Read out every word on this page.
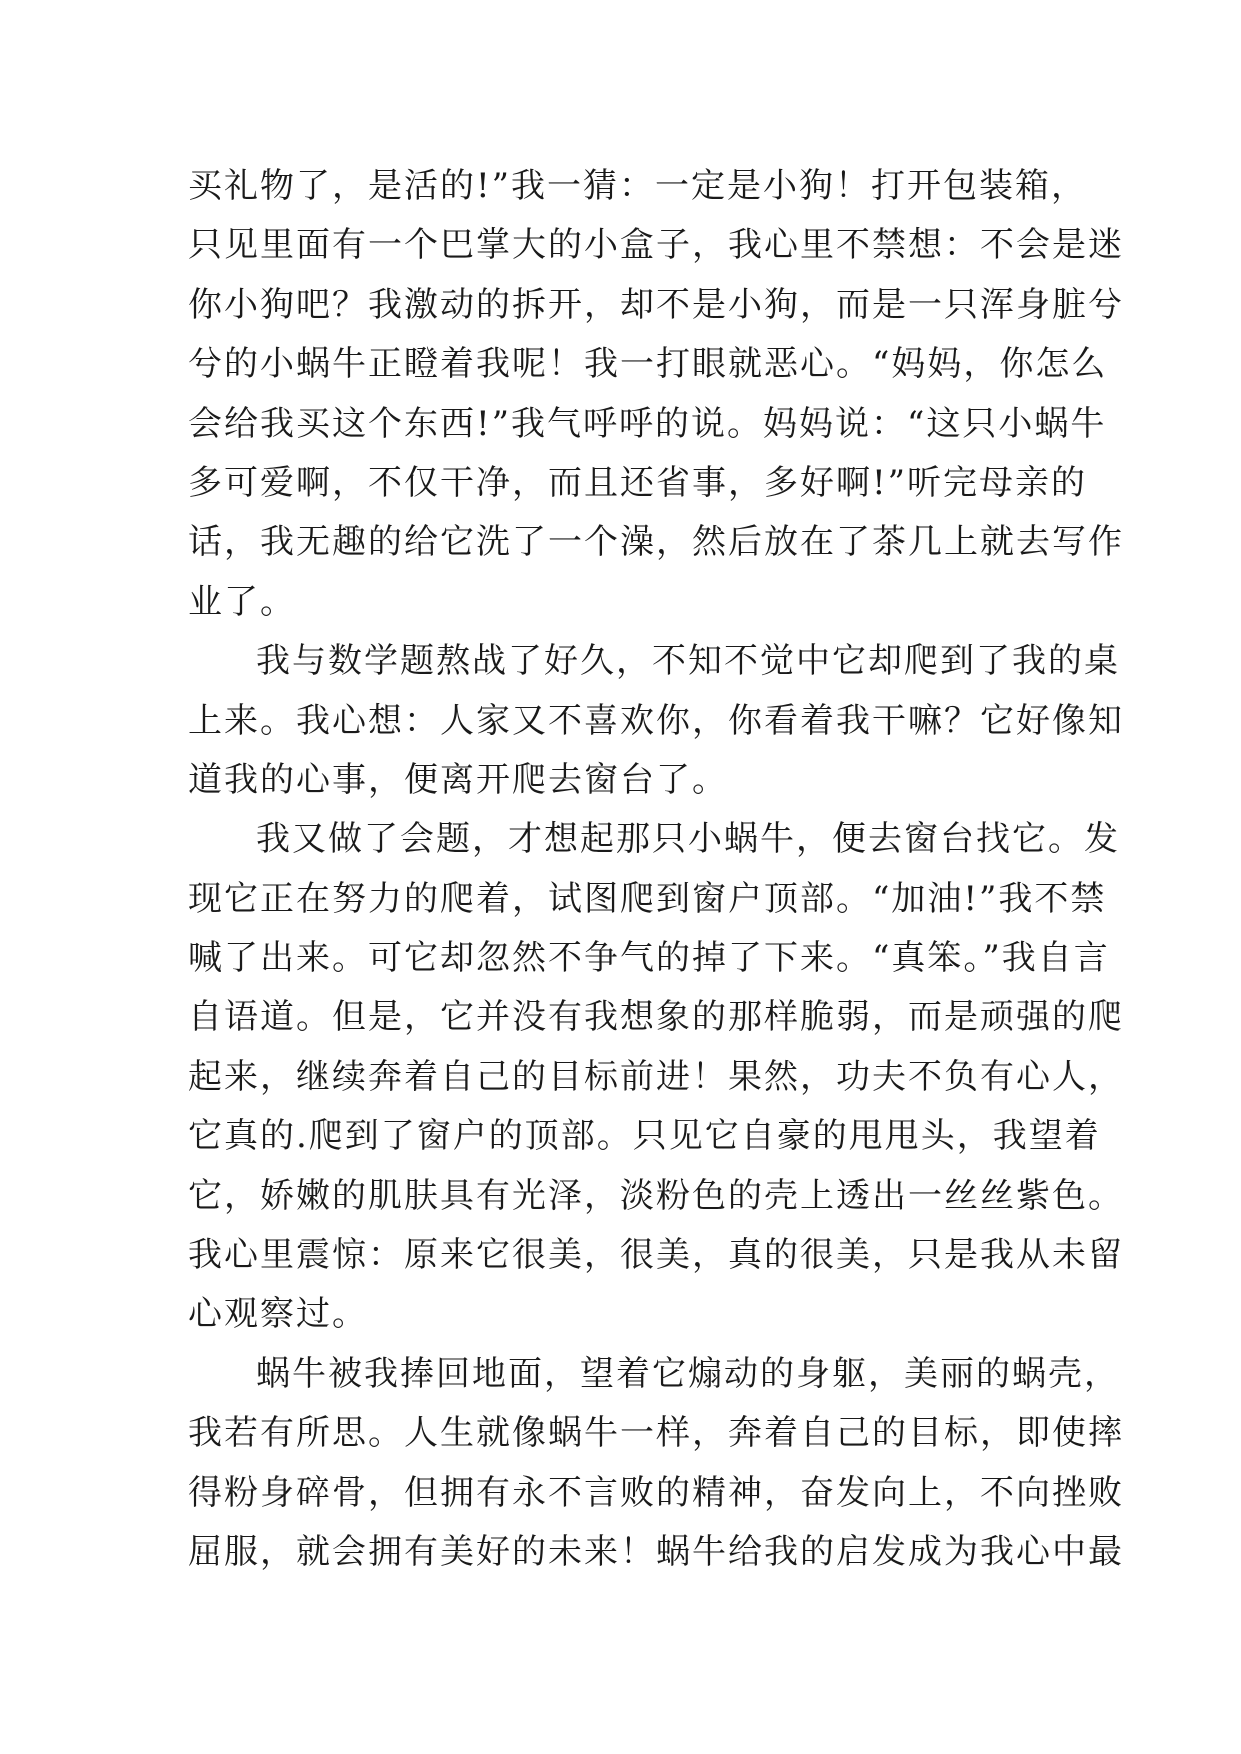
买礼物了，是活的!”我一猜：一定是小狗！打开包装箱，
只见里面有一个巴掌大的小盒子，我心里不禁想：不会是迷
你小狗吧？我激动的拆开，却不是小狗，而是一只浑身脏兮
兮的小蜗牛正瞪着我呢！我一打眼就恶心。“妈妈，你怎么
会给我买这个东西!”我气呼呼的说。妈妈说：“这只小蜗牛
多可爱啊，不仅干净，而且还省事，多好啊!”听完母亲的
话，我无趣的给它洗了一个澡，然后放在了茶几上就去写作
业了。
我与数学题熬战了好久，不知不觉中它却爬到了我的桌
上来。我心想：人家又不喜欢你，你看着我干嘛？它好像知
道我的心事，便离开爬去窗台了。
我又做了会题，才想起那只小蜗牛，便去窗台找它。发
现它正在努力的爬着，试图爬到窗户顶部。“加油!”我不禁
喊了出来。可它却忽然不争气的掉了下来。“真笨。”我自言
自语道。但是，它并没有我想象的那样脆弱，而是顽强的爬
起来，继续奔着自己的目标前进！果然，功夫不负有心人，
它真的.爬到了窗户的顶部。只见它自豪的甩甩头，我望着
它，娇嫩的肌肤具有光泽，淡粉色的壳上透出一丝丝紫色。
我心里震惊：原来它很美，很美，真的很美，只是我从未留
心观察过。
蜗牛被我捧回地面，望着它煽动的身躯，美丽的蜗壳，
我若有所思。人生就像蜗牛一样，奔着自己的目标，即使摔
得粉身碎骨，但拥有永不言败的精神，奋发向上，不向挫败
屈服，就会拥有美好的未来！蜗牛给我的启发成为我心中最
